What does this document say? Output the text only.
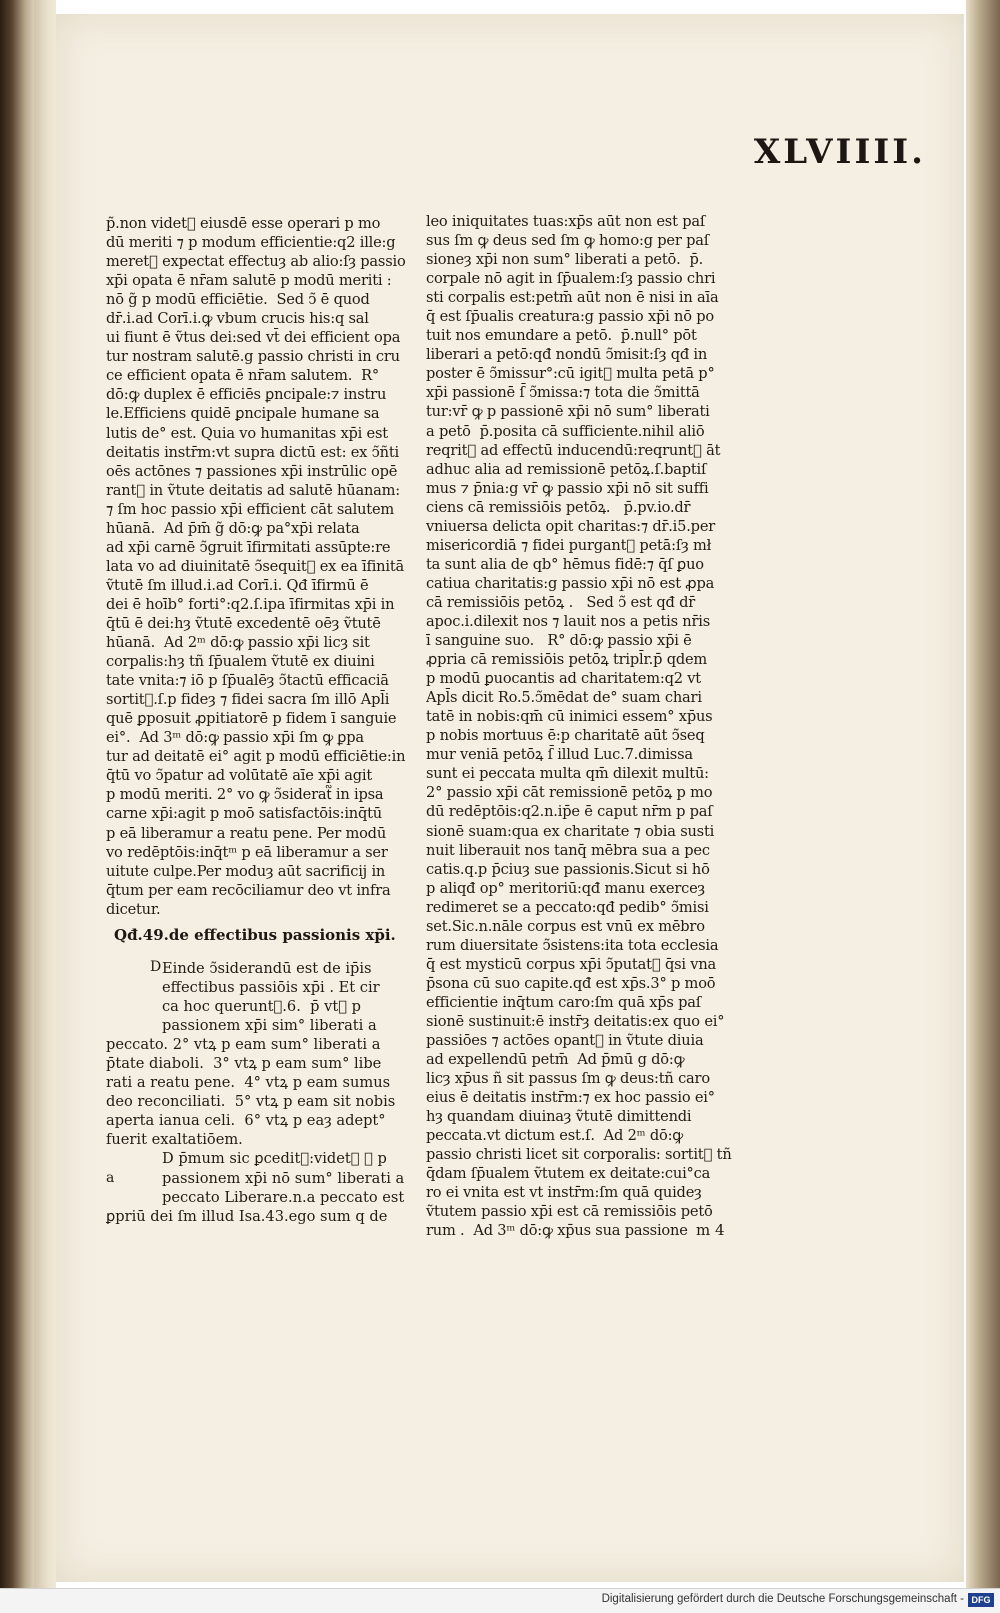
XLVIIII.
p̃.non videt᷑ eiusdē esse operari p mo
dū meriti ⁊ p modum efficientie:q2 ille:g
meret᷑ expectat effectuȝ ab alio:ſȝ passio
xp̄i opata ē nr̄am salutē p modū meriti :
nō g̃ p modū efficiētie.  Sed ↄ̃ ē quod
dr̄.i.ad Corī.i.ꝙ vbum crucis his:q sal
ui fiunt ē ṽtus dei:sed vt̄ dei efficient opa
tur nostram salutē.g passio christi in cru
ce efficient opata ē nr̄am salutem.  R°
dō:ꝙ duplex ē efficiēs ꝑncipale:⁊ instru
le.Efficiens quidē ꝑncipale humane sa
lutis de° est. Quia vo humanitas xp̄i est
deitatis instr̄m:vt supra dictū est: ex ↄ̃ñti
oēs actōnes ⁊ passiones xp̄i instrūlic opē
rant᷑ in ṽtute deitatis ad salutē hūanam:
⁊ ſm hoc passio xp̄i efficient cāt salutem
hūanā.  Ad p̄m̄ g̃ dō:ꝙ pa°xp̄i relata
ad xp̄i carnē ↄ̃gruit īfirmitati assūpte:re
lata vo ad diuinitatē ↄ̃sequit᷑ ex ea īfinitā
ṽtutē ſm illud.i.ad Corī.i. Qđ īfirmū ē
dei ē hoīb° forti°:q2.ſ.ipa īfirmitas xp̄i in
q̄tū ē dei:hȝ ṽtutē excedentē oēȝ ṽtutē
hūanā.  Ad 2ᵐ dō:ꝙ passio xp̄i licȝ sit
corpalis:hȝ tñ ſp̄ualem ṽtutē ex diuini
tate vnita:⁊ iō p ſp̄ualēȝ ↄ̃tactū efficaciā
sortit᷑.ſ.p fideȝ ⁊ fidei sacra ſm illō Apl̄i
quē ꝑposuit ꝓpitiatorē p fidem ī sanguie
ei°.  Ad 3ᵐ dō:ꝙ passio xp̄i ſm ꝙ ꝑpa
tur ad deitatē ei° agit p modū efficiētie:in
q̄tū vo ↄ̃patur ad volūtatē aīe xp̄i agit
p modū meriti. 2° vo ꝙ ↄ̃siderat᷑ in ipsa
carne xp̄i:agit p moō satisfactōis:inq̄tū
p eā liberamur a reatu pene. Per modū
vo redēptōis:inq̄tᵐ p eā liberamur a ser
uitute culpe.Per moduȝ aūt sacrificij in
q̄tum per eam recōciliamur deo vt infra
dicetur.
Qđ.49.de effectibus passionis xp̄i.
D Einde ↄ̃siderandū est de ip̄is
effectibus passiōis xp̄i . Et cir
ca hoc querunt᷑.6.  p̄ vtꝝ p
passionem xp̄i sim° liberati a
peccato. 2° vtꝝ p eam sum° liberati a
p̄tate diaboli.  3° vtꝝ p eam sum° libe
rati a reatu pene.  4° vtꝝ p eam sumus
deo reconciliati.  5° vtꝝ p eam sit nobis
aperta ianua celi.  6° vtꝝ p eaȝ adept°
fuerit exaltatiōem.
D p̄mum sic ꝑcedit᷑:videt᷑ ꝙ p
passionem xp̄i nō sum° liberati a
a
peccato Liberare.n.a peccato est
ꝑpriū dei ſm illud Isa.43.ego sum q de
leo iniquitates tuas:xp̄s aūt non est paſ
sus ſm ꝙ deus sed ſm ꝙ homo:g per paſ
sioneȝ xp̄i non sum° liberati a petō.  p̄.
corpale nō agit in ſp̄ualem:ſȝ passio chri
sti corpalis est:petm̄ aūt non ē nisi in aīa
q̄ est ſp̄ualis creatura:g passio xp̄i nō po
tuit nos emundare a petō.  p̄.null° pōt
liberari a petō:qđ nondū ↄ̃misit:ſȝ qđ in
poster ē ↄ̃missur°:cū igit᷑ multa petā p°
xp̄i passionē ſ̄ ↄ̃missa:⁊ tota die ↄ̃mittā
tur:vr̄ ꝙ p passionē xp̄i nō sum° liberati
a petō  p̄.posita cā sufficiente.nihil aliō
reqrit᷑ ad effectū inducendū:reqrunt᷑ āt
adhuc alia ad remissionē petōꝝ.ſ.baptiſ
mus ⁊ p̄nia:g vr̄ ꝙ passio xp̄i nō sit suffi
ciens cā remissiōis petōꝝ.   p̄.pv.io.dr̄
vniuersa delicta opit charitas:⁊ dr̄.i5.per
misericordiā ⁊ fidei purgant᷑ petā:ſȝ mł
ta sunt alia de qb° hēmus fidē:⁊ q̄ſ ꝑuo
catiua charitatis:g passio xp̄i nō est ꝓpa
cā remissiōis petōꝝ .   Sed ↄ̃ est qđ dr̄
apoc.i.dilexit nos ⁊ lauit nos a petis nr̄is
ī sanguine suo.   R° dō:ꝙ passio xp̄i ē
ꝓpria cā remissiōis petōꝝ tripl̄r.p̄ qdem
p modū ꝑuocantis ad charitatem:q2 vt
Apl̄s dicit Ro.5.ↄ̃mēdat de° suam chari
tatē in nobis:qm̄ cū inimici essem° xp̄us
p nobis mortuus ē:p charitatē aūt ↄ̃seq
mur veniā petōꝝ ſ̄ illud Luc.7.dimissa
sunt ei peccata multa qm̄ dilexit multū:
2° passio xp̄i cāt remissionē petōꝝ p mo
dū redēptōis:q2.n.ip̄e ē caput nr̄m p paſ
sionē suam:qua ex charitate ⁊ obia susti
nuit liberauit nos tanq̄ mēbra sua a pec
catis.q.p p̄ciuȝ sue passionis.Sicut si hō
p aliqđ op° meritoriū:qđ manu exerceȝ
redimeret se a peccato:qđ pedib° ↄ̃misi
set.Sic.n.nāle corpus est vnū ex mēbro
rum diuersitate ↄ̃sistens:ita tota ecclesia
q̄ est mysticū corpus xp̄i ↄ̃putat᷑ q̄si vna
p̄sona cū suo capite.qđ est xp̄s.3° p moō
efficientie inq̄tum caro:ſm quā xp̄s paſ
sionē sustinuit:ē instr̄ȝ deitatis:ex quo ei°
passiōes ⁊ actōes opant᷑ in ṽtute diuia
ad expellendū petm̄  Ad p̄mū g dō:ꝙ
licȝ xp̄us ñ sit passus ſm ꝙ deus:tñ caro
eius ē deitatis instr̄m:⁊ ex hoc passio ei°
hȝ quandam diuinaȝ ṽtutē dimittendi
peccata.vt dictum est.ſ.  Ad 2ᵐ dō:ꝙ
passio christi licet sit corporalis: sortit᷑ tñ
q̄dam ſp̄ualem ṽtutem ex deitate:cui°ca
ro ei vnita est vt instr̄m:ſm quā quideȝ
ṽtutem passio xp̄i est cā remissiōis petō
rum .  Ad 3ᵐ dō:ꝙ xp̄us sua passione m 4
Digitalisierung gefördert durch die Deutsche Forschungsgemeinschaft - DFG
